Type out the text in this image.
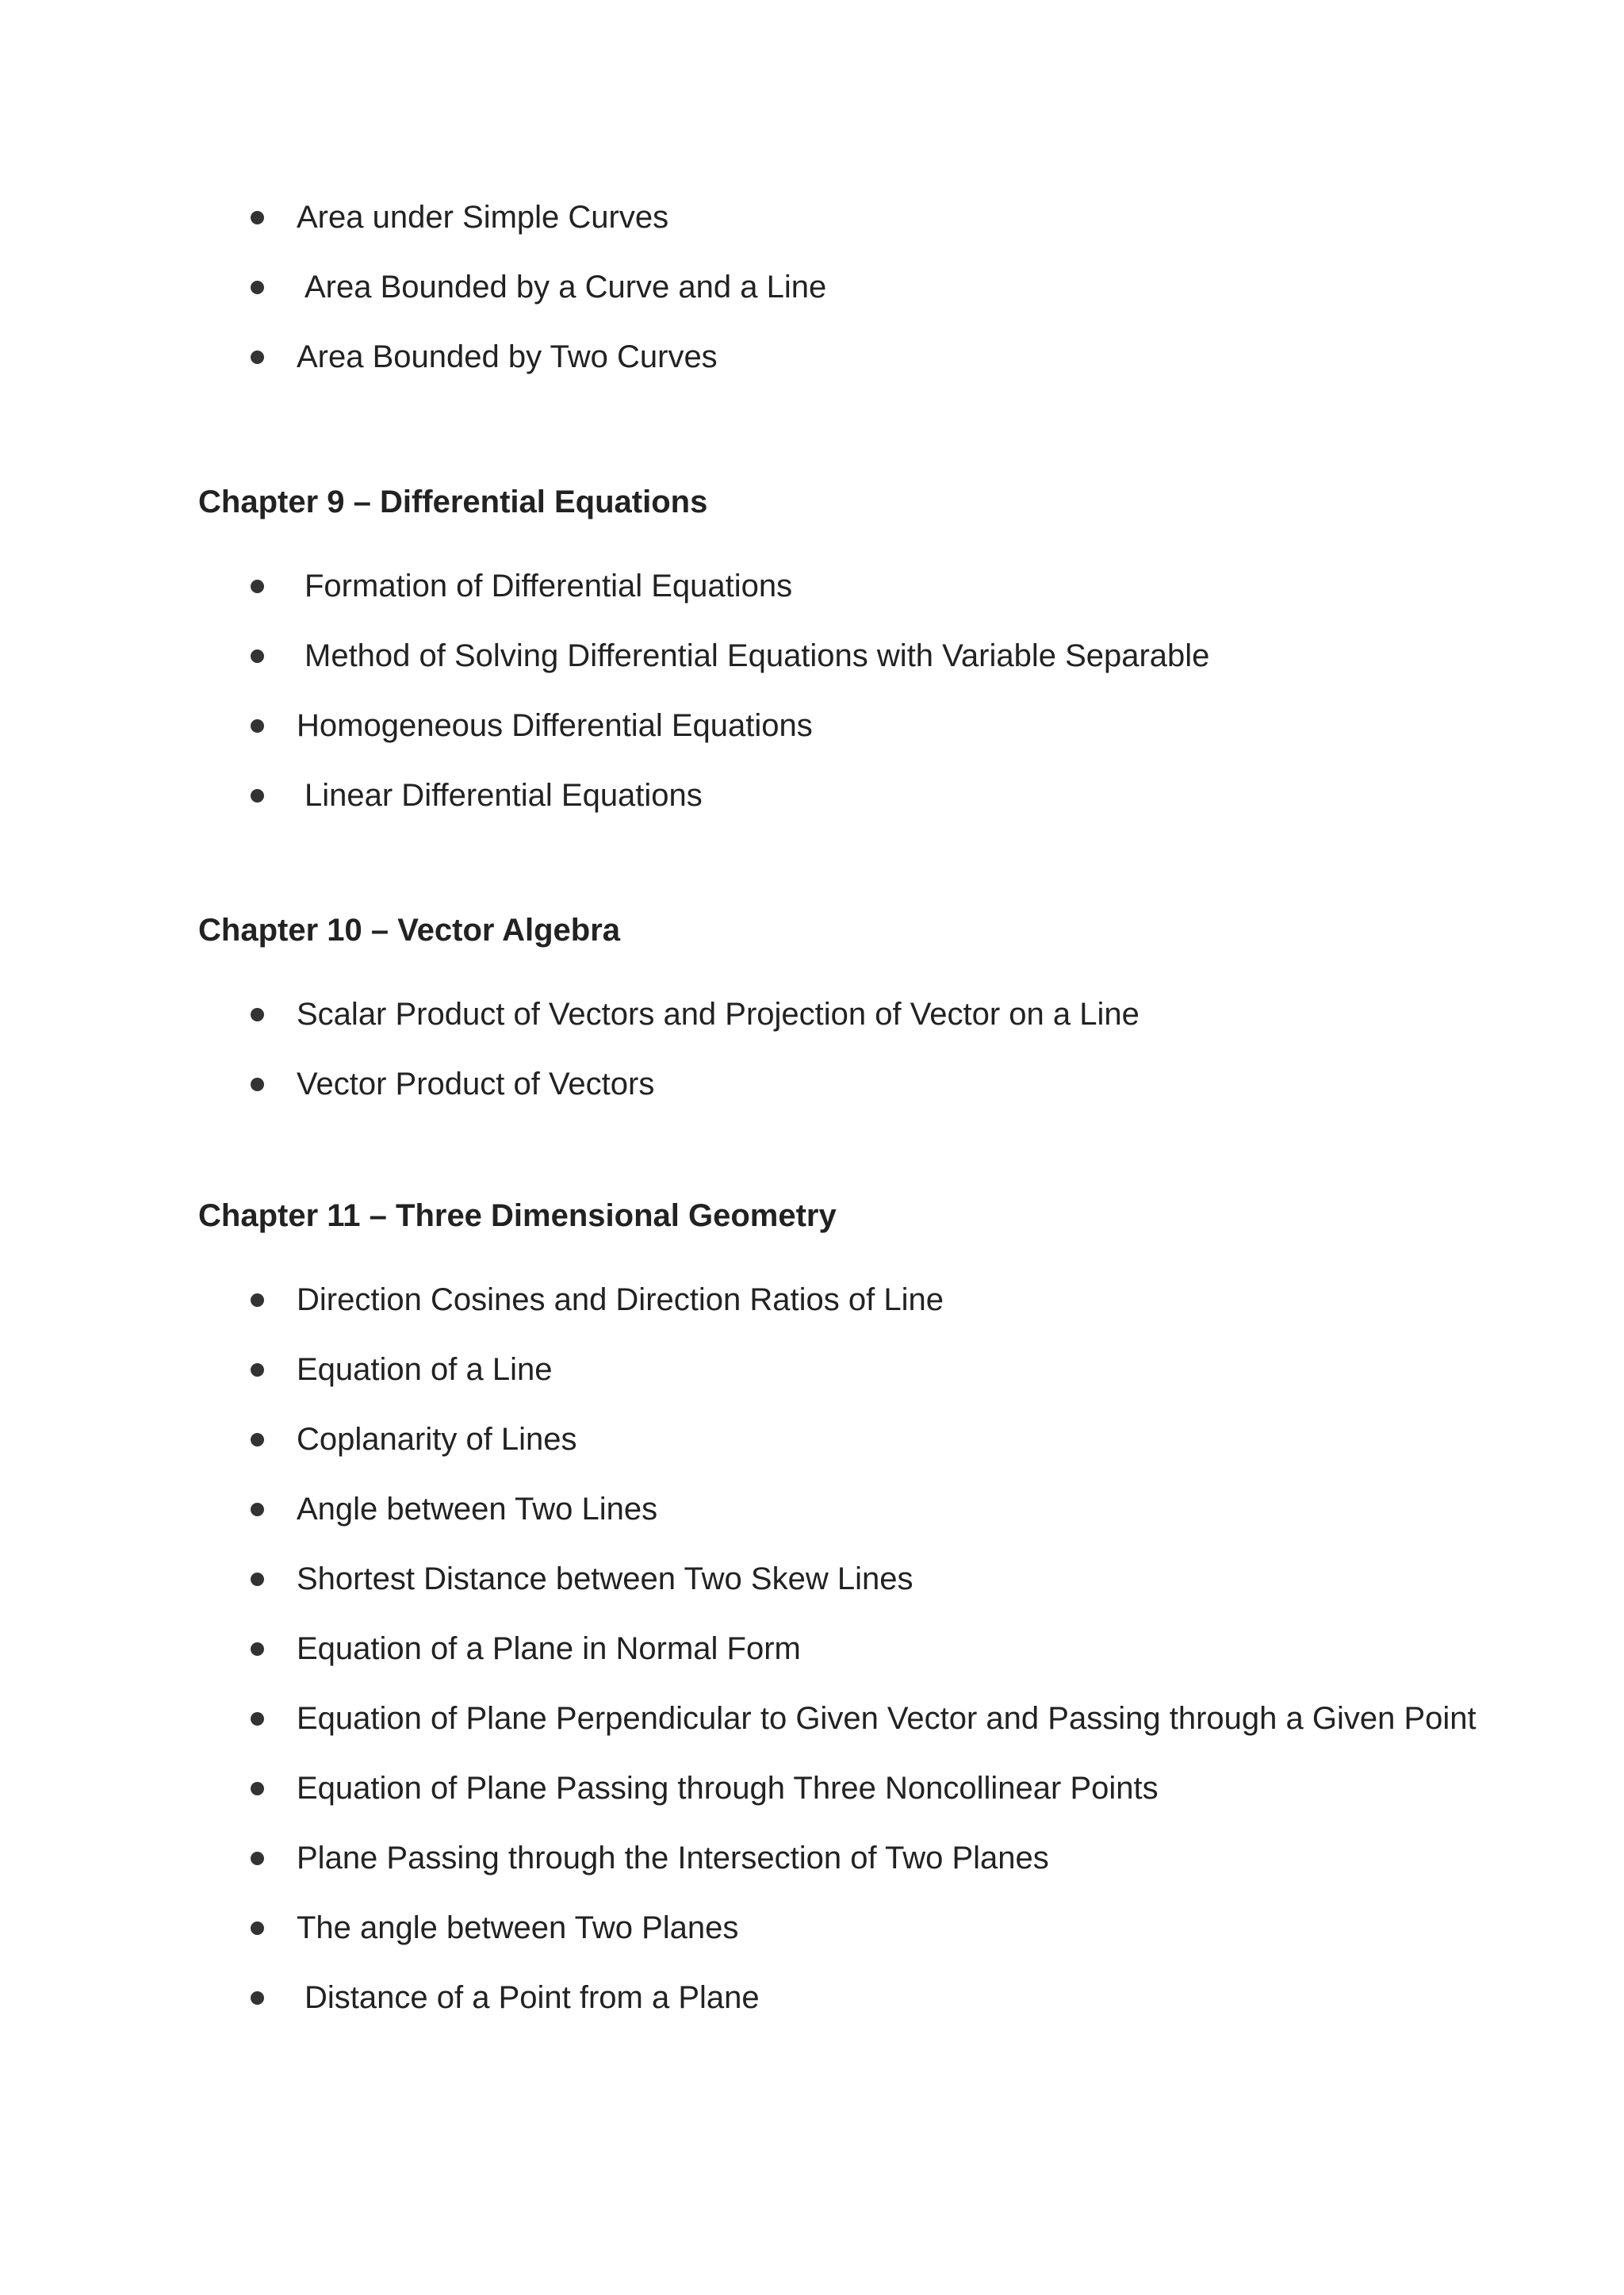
Area under Simple Curves
Area Bounded by a Curve and a Line
Area Bounded by Two Curves
Chapter 9 – Differential Equations
Formation of Differential Equations
Method of Solving Differential Equations with Variable Separable
Homogeneous Differential Equations
Linear Differential Equations
Chapter 10 – Vector Algebra
Scalar Product of Vectors and Projection of Vector on a Line
Vector Product of Vectors
Chapter 11 – Three Dimensional Geometry
Direction Cosines and Direction Ratios of Line
Equation of a Line
Coplanarity of Lines
Angle between Two Lines
Shortest Distance between Two Skew Lines
Equation of a Plane in Normal Form
Equation of Plane Perpendicular to Given Vector and Passing through a Given Point
Equation of Plane Passing through Three Noncollinear Points
Plane Passing through the Intersection of Two Planes
The angle between Two Planes
Distance of a Point from a Plane
